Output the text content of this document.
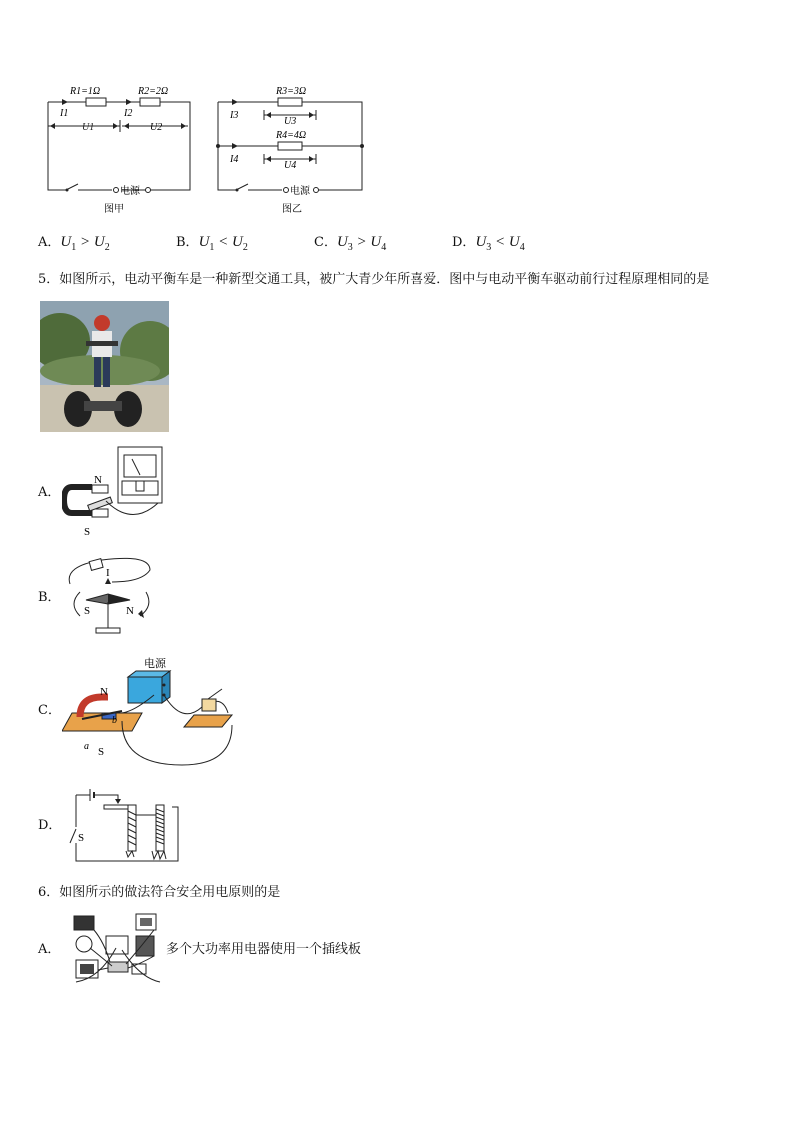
电源
R1=1Ω	R2=2Ω
I1	I2
U1	U2
图甲
电源
R3=3Ω
R4=4Ω
I3
I4
U3
U4
图乙
A．$U_1 > U_2$	B．$U_1 < U_2$	C．$U_3 > U_4$	D．$U_3 < U_4$
5．如图所示，电动平衡车是一种新型交通工具，被广大青少年所喜爱．图中与电动平衡车驱动前行过程原理相同的是
A．
N
S
B．
I
S	N
C．
电源
N
S
a
b
D．
S
6．如图所示的做法符合安全用电原则的是
A．	多个大功率用电器使用一个插线板
